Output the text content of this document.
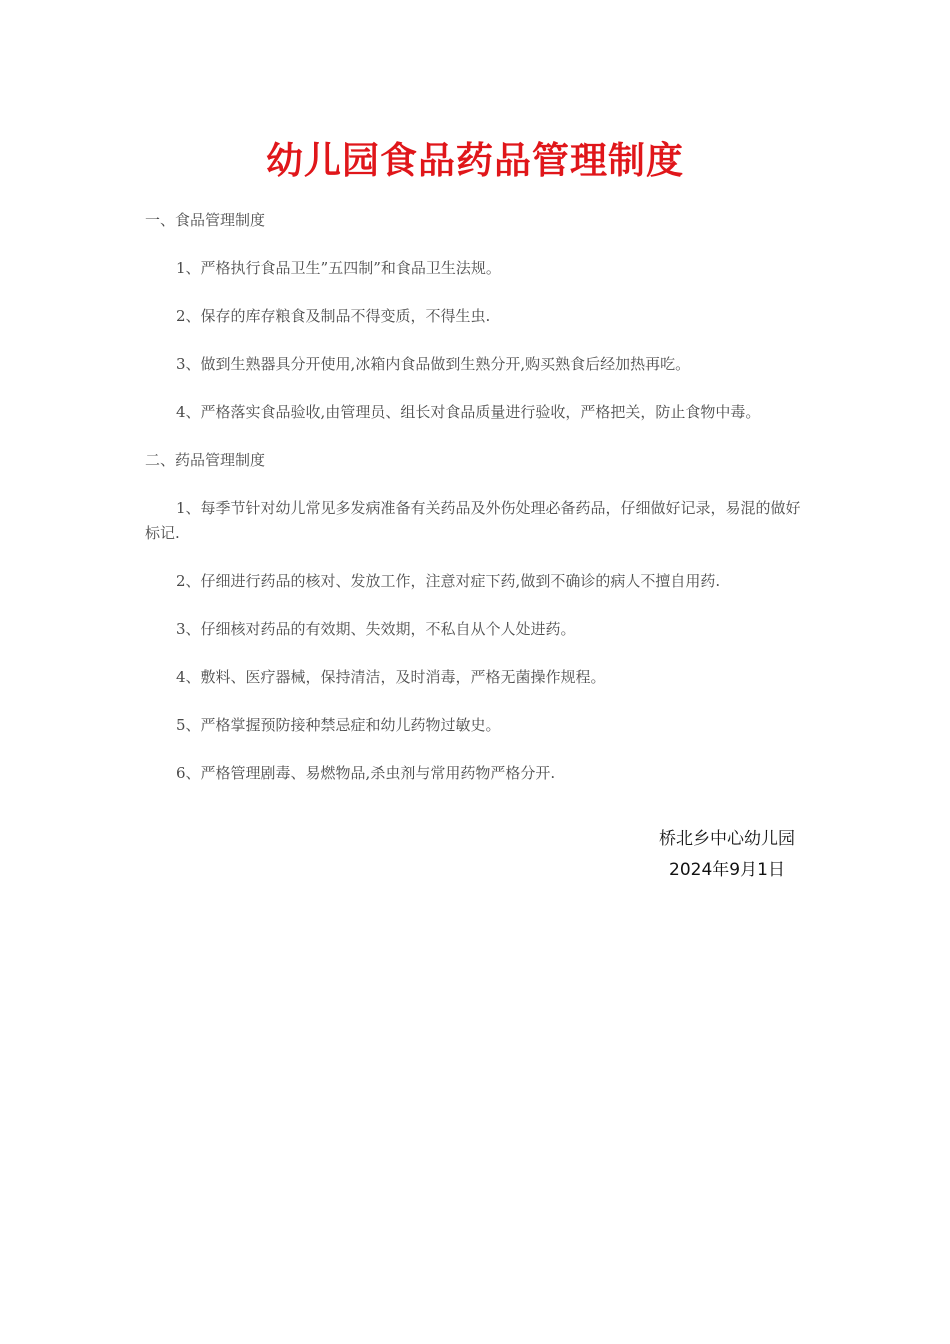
幼儿园食品药品管理制度
一、食品管理制度
1、严格执行食品卫生”五四制”和食品卫生法规。
2、保存的库存粮食及制品不得变质，不得生虫.
3、做到生熟器具分开使用,冰箱内食品做到生熟分开,购买熟食后经加热再吃。
4、严格落实食品验收,由管理员、组长对食品质量进行验收，严格把关，防止食物中毒。
二、药品管理制度
1、每季节针对幼儿常见多发病准备有关药品及外伤处理必备药品，仔细做好记录，易混的做好标记.
2、仔细进行药品的核对、发放工作，注意对症下药,做到不确诊的病人不擅自用药.
3、仔细核对药品的有效期、失效期，不私自从个人处进药。
4、敷料、医疗器械，保持清洁，及时消毒，严格无菌操作规程。
5、严格掌握预防接种禁忌症和幼儿药物过敏史。
6、严格管理剧毒、易燃物品,杀虫剂与常用药物严格分开.
桥北乡中心幼儿园
2024年9月1日
